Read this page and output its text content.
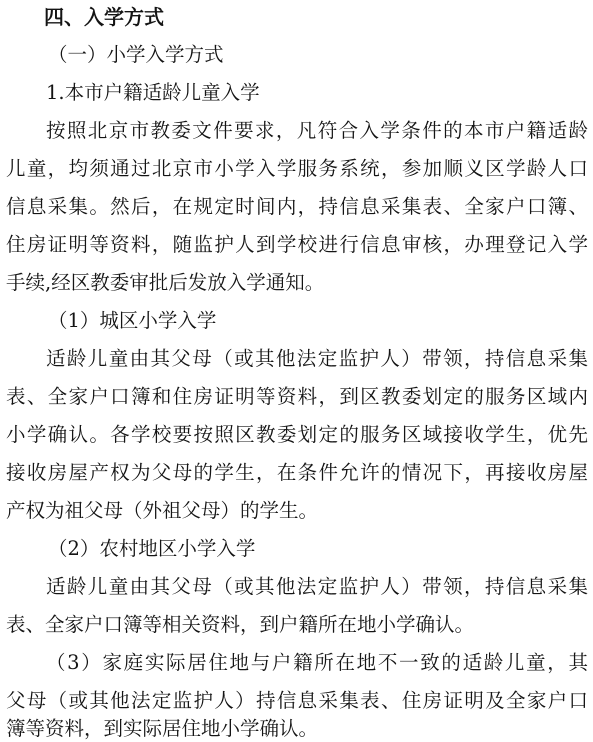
四、入学方式
（一）小学入学方式
1.本市户籍适龄儿童入学
按照北京市教委文件要求，凡符合入学条件的本市户籍适龄
儿童，均须通过北京市小学入学服务系统，参加顺义区学龄人口
信息采集。然后，在规定时间内，持信息采集表、全家户口簿、
住房证明等资料，随监护人到学校进行信息审核，办理登记入学
手续,经区教委审批后发放入学通知。
（1）城区小学入学
适龄儿童由其父母（或其他法定监护人）带领，持信息采集
表、全家户口簿和住房证明等资料，到区教委划定的服务区域内
小学确认。各学校要按照区教委划定的服务区域接收学生，优先
接收房屋产权为父母的学生，在条件允许的情况下，再接收房屋
产权为祖父母（外祖父母）的学生。
（2）农村地区小学入学
适龄儿童由其父母（或其他法定监护人）带领，持信息采集
表、全家户口簿等相关资料，到户籍所在地小学确认。
（3）家庭实际居住地与户籍所在地不一致的适龄儿童，其
父母（或其他法定监护人）持信息采集表、住房证明及全家户口
簿等资料，到实际居住地小学确认。
